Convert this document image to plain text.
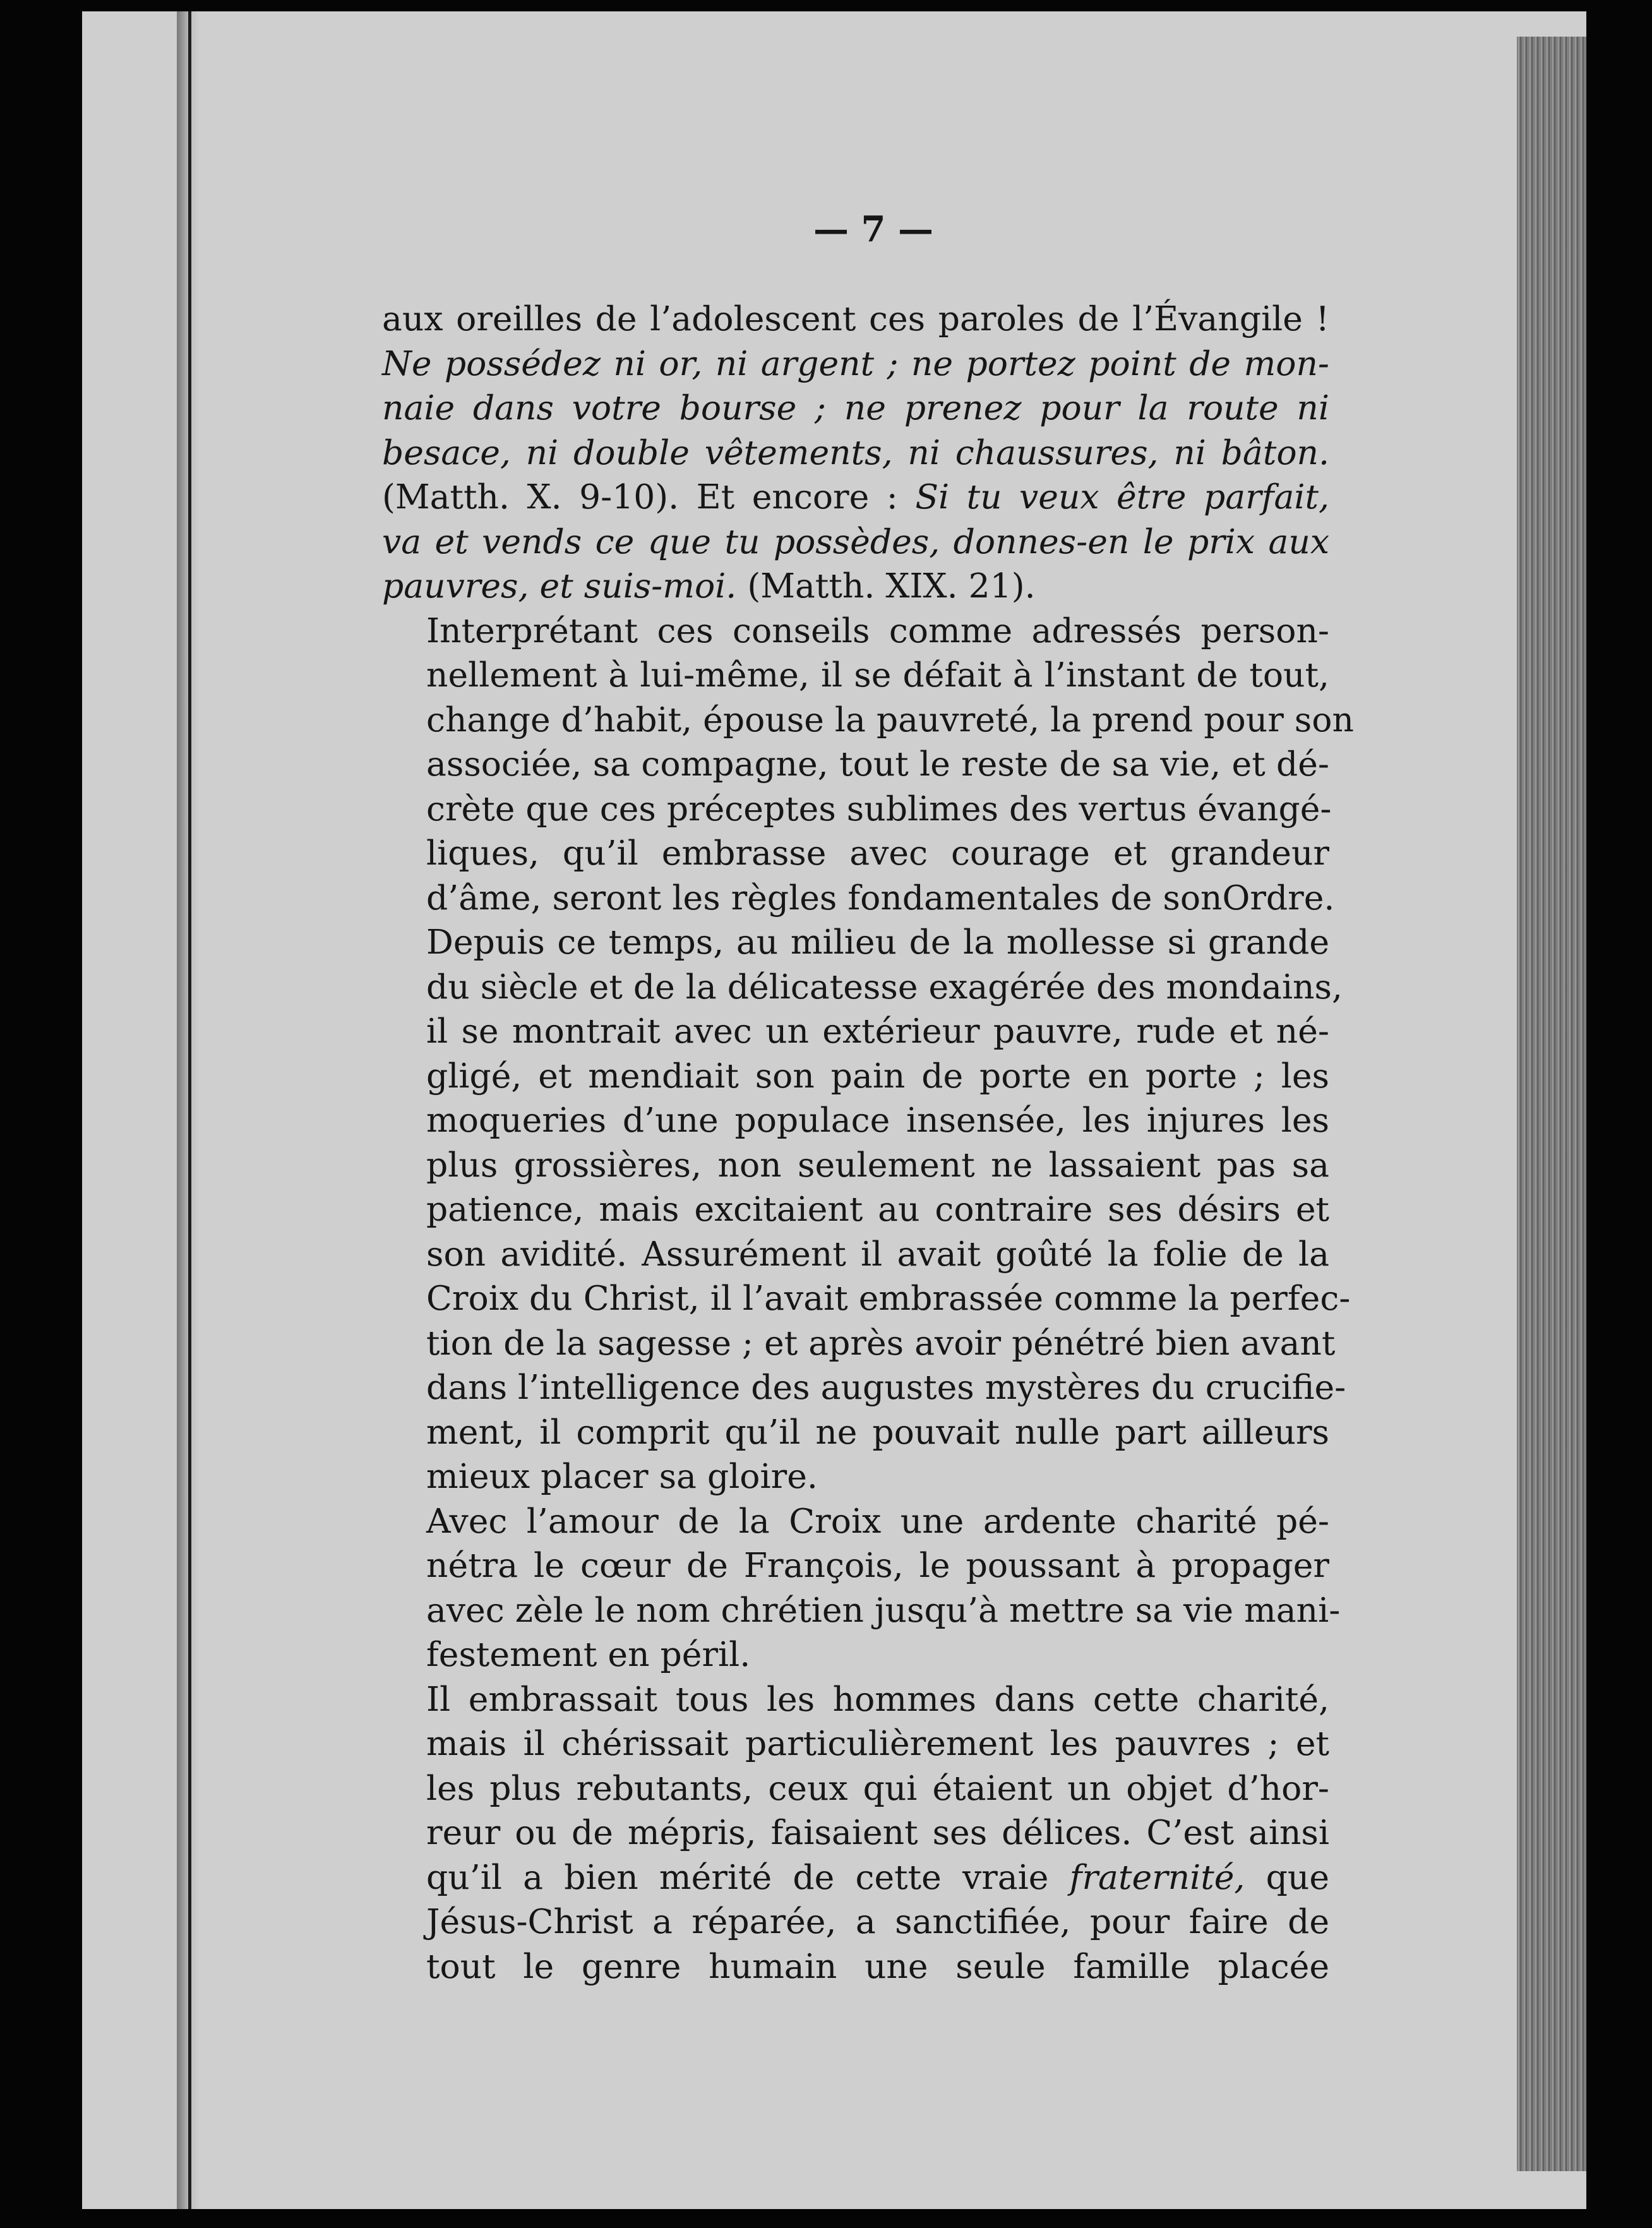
— 7 —

aux oreilles de l’adolescent ces paroles de l’Évangile !
Ne possédez ni or, ni argent ; ne portez point de mon-
naie dans votre bourse ; ne prenez pour la route ni
besace, ni double vêtements, ni chaussures, ni bâton.
(Matth. X. 9-10). Et encore : Si tu veux être parfait,
va et vends ce que tu possèdes, donnes-en le prix aux
pauvres, et suis-moi. (Matth. XIX. 21).

Interprétant ces conseils comme adressés person-
nellement à lui-même, il se défait à l’instant de tout,
change d’habit, épouse la pauvreté, la prend pour son
associée, sa compagne, tout le reste de sa vie, et dé-
crète que ces préceptes sublimes des vertus évangé-
liques, qu’il embrasse avec courage et grandeur
d’âme, seront les règles fondamentales de sonOrdre.

Depuis ce temps, au milieu de la mollesse si grande
du siècle et de la délicatesse exagérée des mondains,
il se montrait avec un extérieur pauvre, rude et né-
gligé, et mendiait son pain de porte en porte ; les
moqueries d’une populace insensée, les injures les
plus grossières, non seulement ne lassaient pas sa
patience, mais excitaient au contraire ses désirs et
son avidité. Assurément il avait goûté la folie de la
Croix du Christ, il l’avait embrassée comme la perfec-
tion de la sagesse ; et après avoir pénétré bien avant
dans l’intelligence des augustes mystères du crucifie-
ment, il comprit qu’il ne pouvait nulle part ailleurs
mieux placer sa gloire.

Avec l’amour de la Croix une ardente charité pé-
nétra le cœur de François, le poussant à propager
avec zèle le nom chrétien jusqu’à mettre sa vie mani-
festement en péril.

Il embrassait tous les hommes dans cette charité,
mais il chérissait particulièrement les pauvres ; et
les plus rebutants, ceux qui étaient un objet d’hor-
reur ou de mépris, faisaient ses délices. C’est ainsi
qu’il a bien mérité de cette vraie fraternité, que
Jésus-Christ a réparée, a sanctifiée, pour faire de
tout le genre humain une seule famille placée
